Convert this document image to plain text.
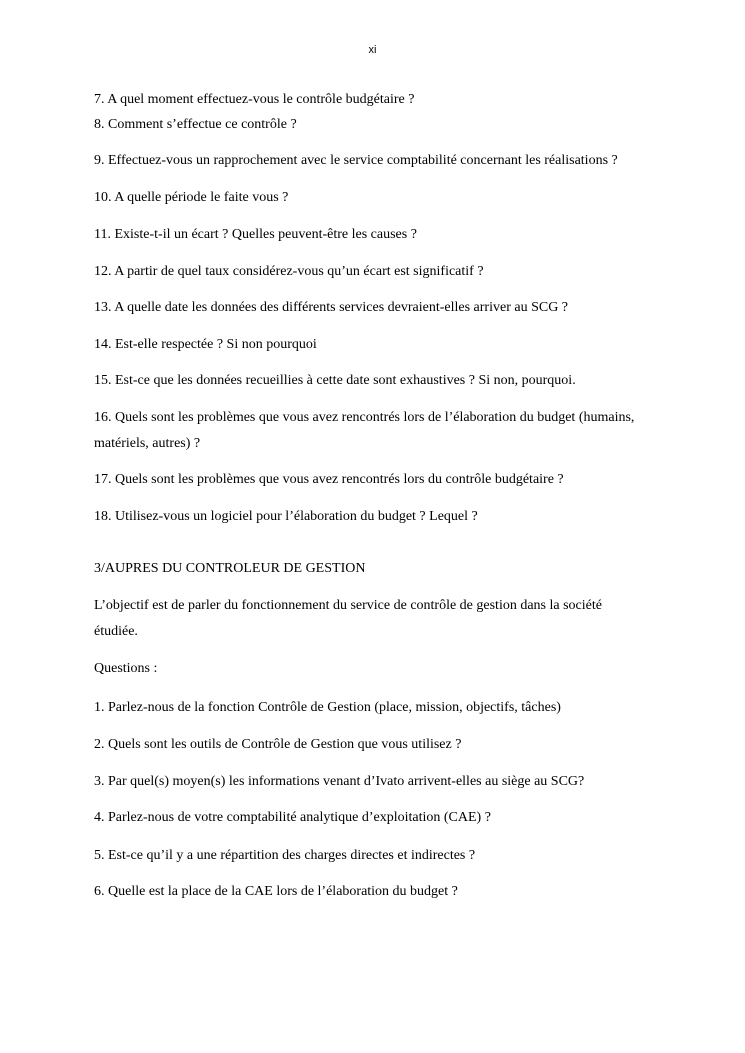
xi
7. A quel moment effectuez-vous le contrôle budgétaire ?
8. Comment s’effectue ce contrôle ?
9. Effectuez-vous un rapprochement avec le service comptabilité concernant les réalisations ?
10. A quelle période le faite vous ?
11. Existe-t-il un écart ? Quelles peuvent-être les causes ?
12. A partir de quel taux considérez-vous qu’un écart est significatif ?
13. A quelle date les données des différents services devraient-elles arriver au SCG ?
14. Est-elle respectée ? Si non pourquoi
15. Est-ce que les données recueillies à cette date sont exhaustives ? Si non, pourquoi.
16. Quels sont les problèmes que vous avez rencontrés lors de l’élaboration du budget (humains,
matériels, autres) ?
17. Quels sont les problèmes que vous avez rencontrés lors du contrôle budgétaire ?
18. Utilisez-vous un logiciel pour l’élaboration du budget ? Lequel ?
3/AUPRES DU CONTROLEUR DE GESTION
L’objectif est de parler du fonctionnement du service de contrôle de gestion dans la société
étudiée.
Questions :
1. Parlez-nous de la fonction Contrôle de Gestion (place, mission, objectifs, tâches)
2. Quels sont les outils de Contrôle de Gestion que vous utilisez ?
3. Par quel(s) moyen(s) les informations venant d’Ivato arrivent-elles au siège au SCG?
4. Parlez-nous de votre comptabilité analytique d’exploitation (CAE) ?
5. Est-ce qu’il y a une répartition des charges directes et indirectes ?
6. Quelle est la place de la CAE lors de l’élaboration du budget ?
